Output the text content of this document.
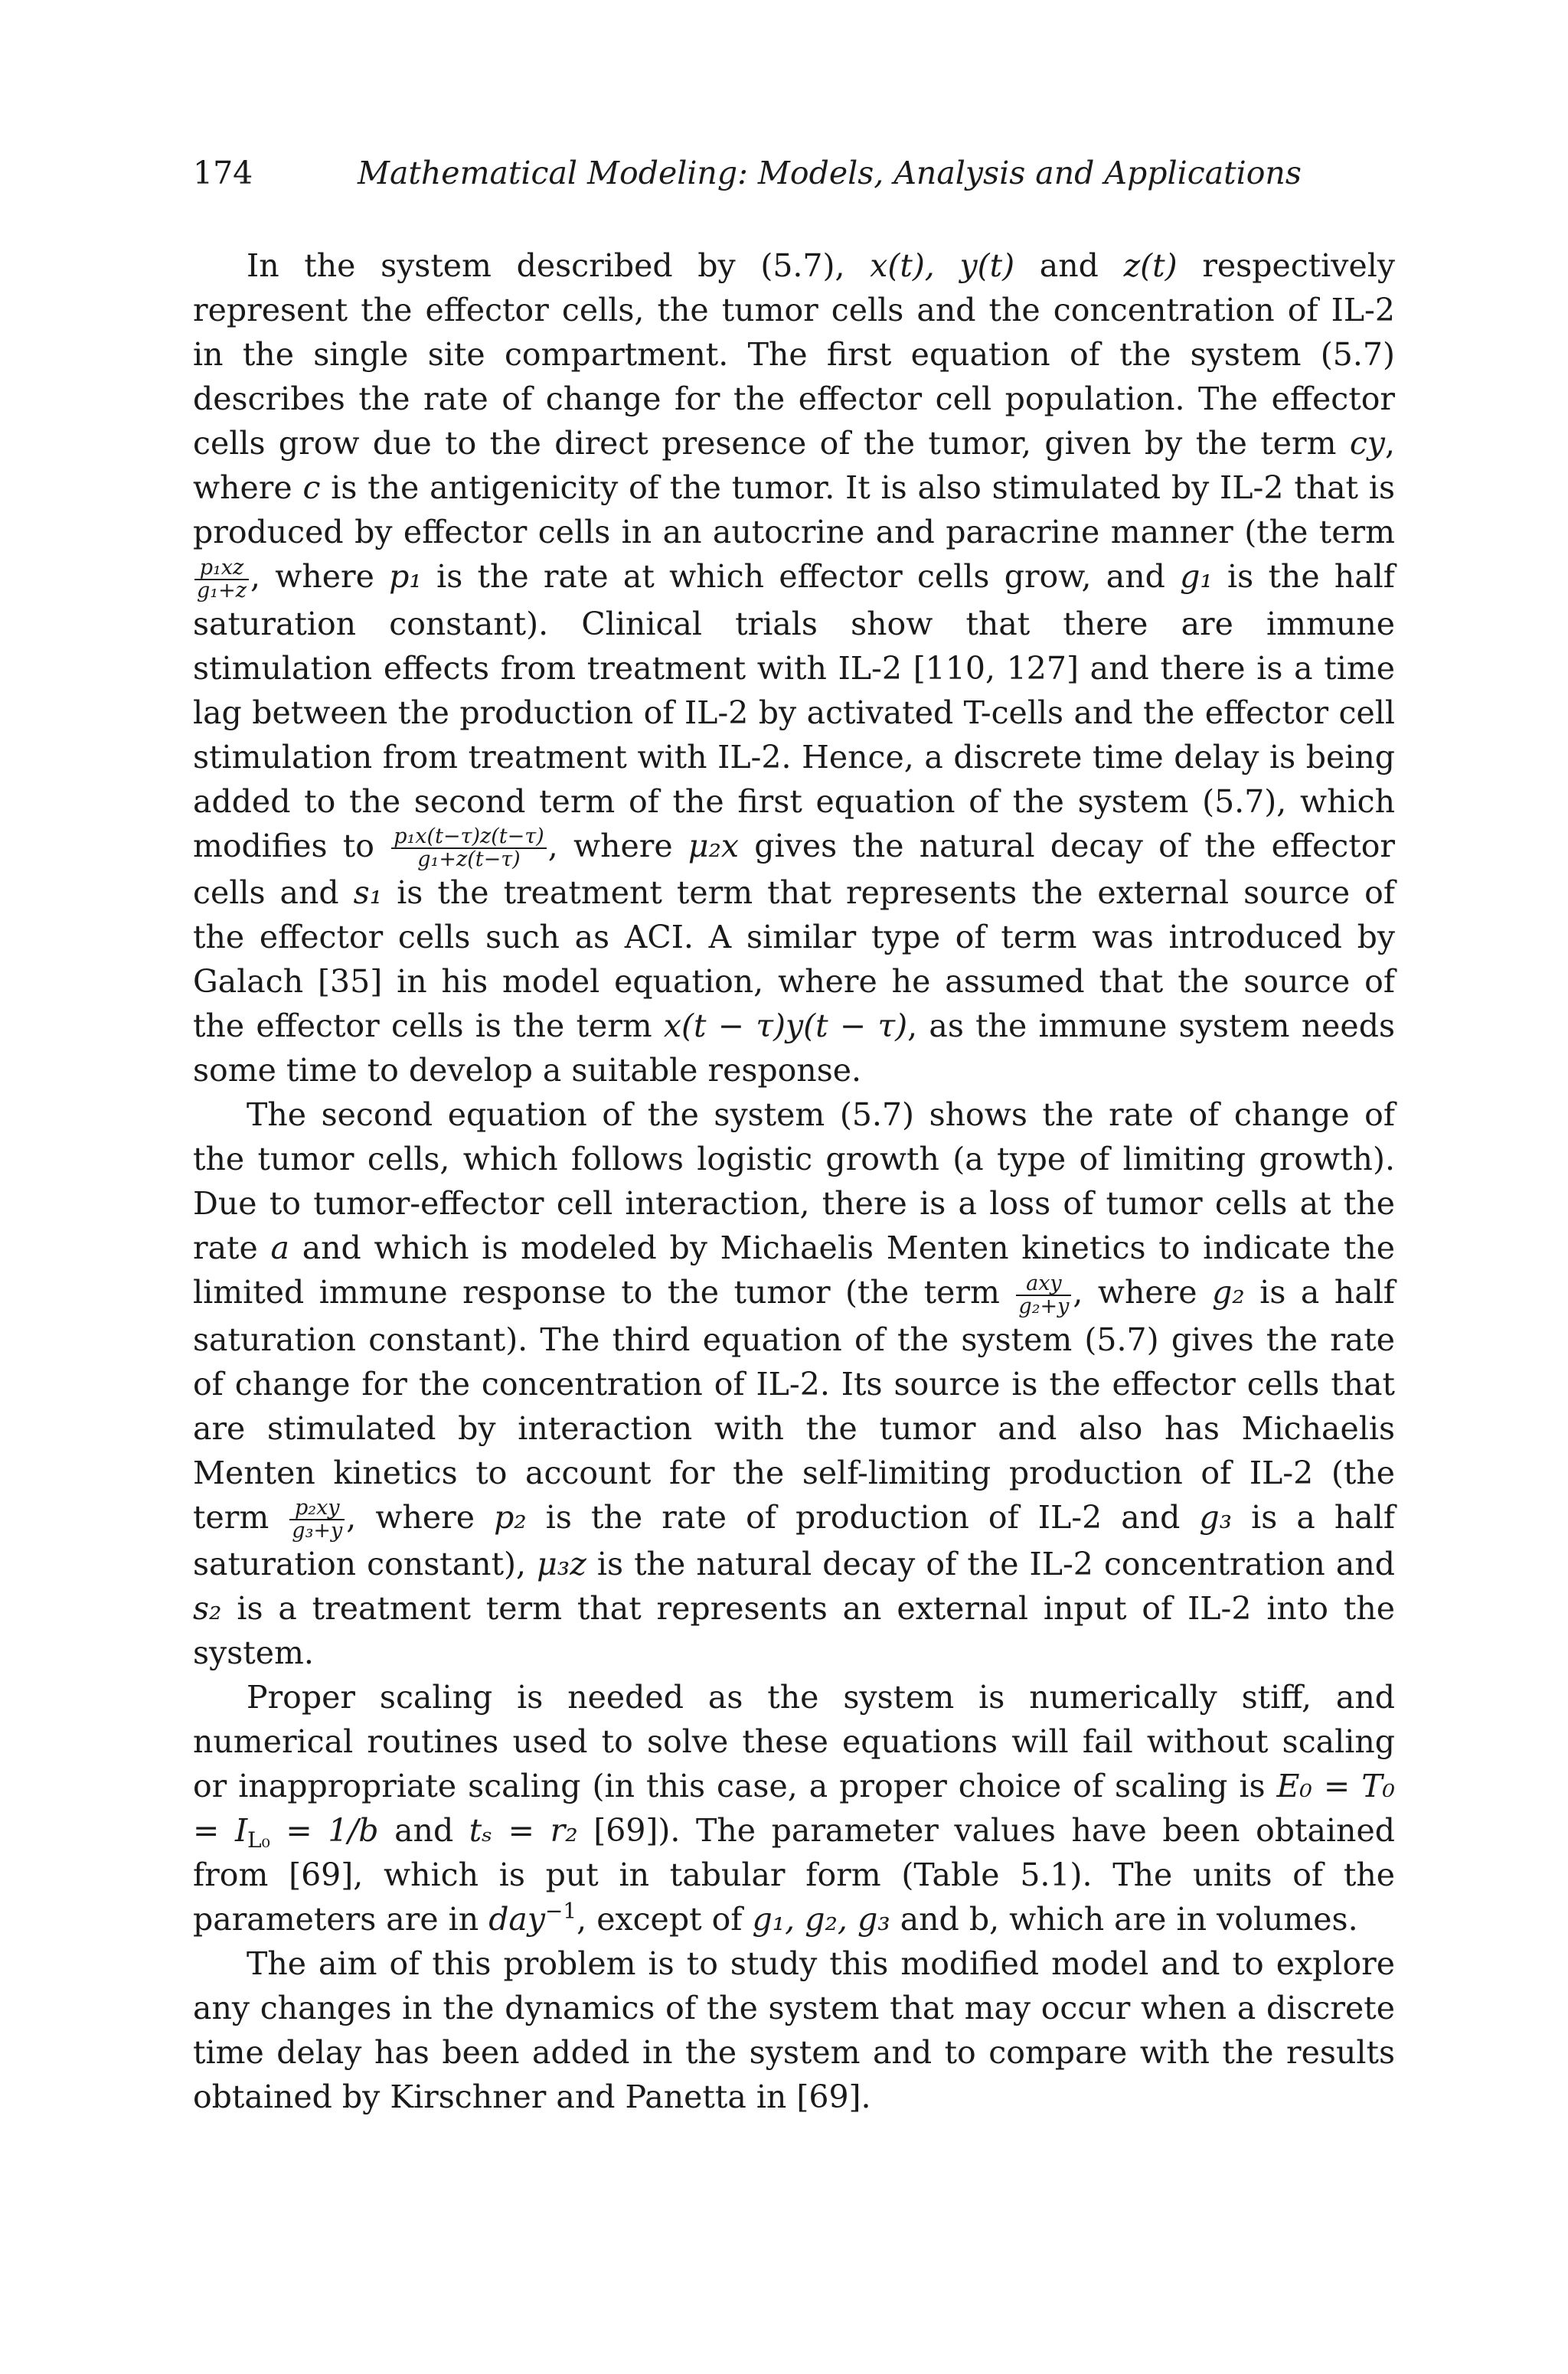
174	Mathematical Modeling: Models, Analysis and Applications

In the system described by (5.7), x(t), y(t) and z(t) respectively represent the effector cells, the tumor cells and the concentration of IL-2 in the single site compartment. The first equation of the system (5.7) describes the rate of change for the effector cell population. The effector cells grow due to the direct presence of the tumor, given by the term cy, where c is the antigenicity of the tumor. It is also stimulated by IL-2 that is produced by effector cells in an autocrine and paracrine manner (the term
$\frac{\text{p₁xz}}{\text{g₁+z}}$ , where p₁ is the rate at which effector cells grow, and g₁ is the half saturation constant). Clinical trials show that there are immune stimulation effects from treatment with IL-2 [110, 127] and there is a time lag between the production of IL-2 by activated T-cells and the effector cell stimulation from treatment with IL-2. Hence, a discrete time delay is being added to the second term of the first equation of the system (5.7), which modifies to $\frac{\text{p₁x(t−τ)z(t−τ)}}{\text{g₁+z(t−τ)}}$ , where μ₂x gives the natural decay of the effector cells and s₁ is the treatment term that represents the external source of the effector cells such as ACI. A similar type of term was introduced by Galach [35] in his model equation, where he assumed that the source of the effector cells is the term x(t − τ)y(t − τ), as the immune system needs some time to develop a suitable response.

The second equation of the system (5.7) shows the rate of change of the tumor cells, which follows logistic growth (a type of limiting growth). Due to tumor-effector cell interaction, there is a loss of tumor cells at the rate a and which is modeled by Michaelis Menten kinetics to indicate the limited immune response to the tumor (the term $\frac{\text{axy}}{\text{g₂+y}}$ , where g₂ is a half saturation constant). The third equation of the system (5.7) gives the rate of change for the concentration of IL-2. Its source is the effector cells that are stimulated by interaction with the tumor and also has Michaelis Menten kinetics to account for the self-limiting production of IL-2 (the term $\frac{\text{p₂xy}}{\text{g₃+y}}$ , where p₂ is the rate of production of IL-2 and g₃ is a half saturation constant), μ₃z is the natural decay of the IL-2 concentration and s₂ is a treatment term that represents an external input of IL-2 into the system.

Proper scaling is needed as the system is numerically stiff, and numerical routines used to solve these equations will fail without scaling or inappropriate scaling (in this case, a proper choice of scaling is $E_0 = T_0 = I_{L_0} = 1/b$ and tₛ = r₂ [69]). The parameter values have been obtained from [69], which is put in tabular form (Table 5.1). The units of the parameters are in day$^{-1}$, except of g₁, g₂, g₃ and b, which are in volumes.

The aim of this problem is to study this modified model and to explore any changes in the dynamics of the system that may occur when a discrete time delay has been added in the system and to compare with the results obtained by Kirschner and Panetta in [69].
